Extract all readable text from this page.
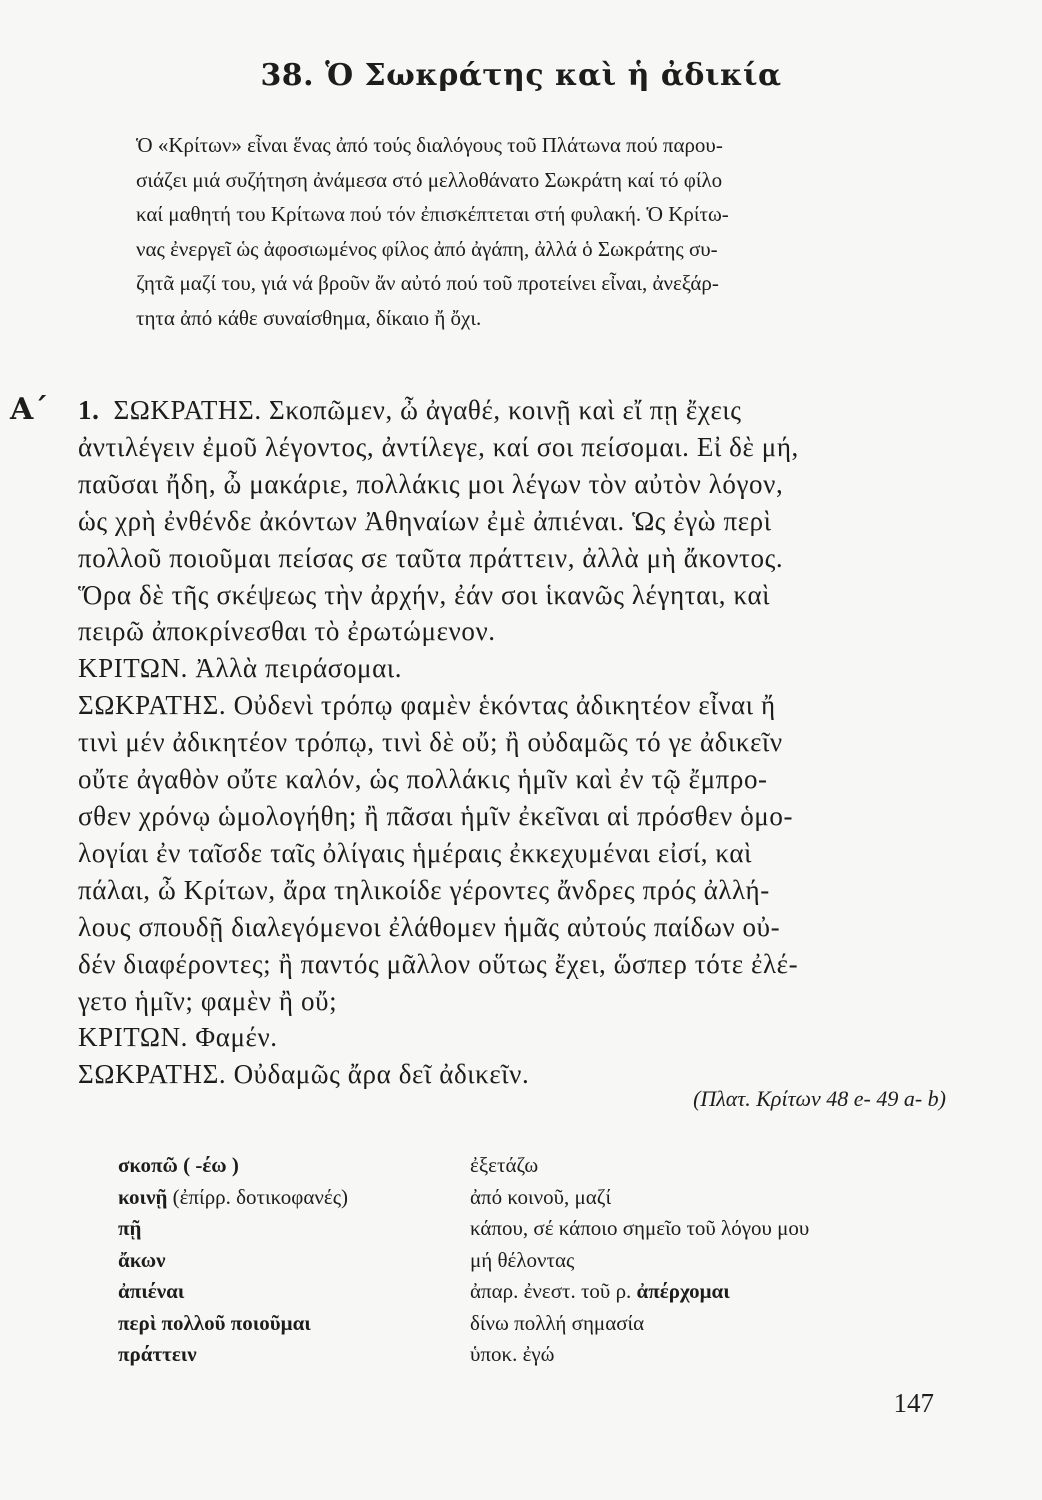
38. Ὁ Σωκράτης καὶ ἡ ἀδικία
Ὁ «Κρίτων» εἶναι ἕνας ἀπό τούς διαλόγους τοῦ Πλάτωνα πού παρου-
σιάζει μιά συζήτηση ἀνάμεσα στό μελλοθάνατο Σωκράτη καί τό φίλο
καί μαθητή του Κρίτωνα πού τόν ἐπισκέπτεται στή φυλακή. Ὁ Κρίτω-
νας ἐνεργεῖ ὡς ἀφοσιωμένος φίλος ἀπό ἀγάπη, ἀλλά ὁ Σωκράτης συ-
ζητᾶ μαζί του, γιά νά βροῦν ἄν αὐτό πού τοῦ προτείνει εἶναι, ἀνεξάρ-
τητα ἀπό κάθε συναίσθημα, δίκαιο ἤ ὄχι.
Α΄ 1. ΣΩΚΡΑΤΗΣ. Σκοπῶμεν, ὦ ἀγαθέ, κοινῇ καὶ εἴ πῃ ἔχεις
ἀντιλέγειν ἐμοῦ λέγοντος, ἀντίλεγε, καί σοι πείσομαι. Εἰ δὲ μή,
παῦσαι ἤδη, ὦ μακάριε, πολλάκις μοι λέγων τὸν αὐτὸν λόγον,
ὡς χρὴ ἐνθένδε ἀκόντων Ἀθηναίων ἐμὲ ἀπιέναι. Ὡς ἐγὼ περὶ
πολλοῦ ποιοῦμαι πείσας σε ταῦτα πράττειν, ἀλλὰ μὴ ἄκοντος.
Ὅρα δὲ τῆς σκέψεως τὴν ἀρχήν, ἐάν σοι ἱκανῶς λέγηται, καὶ
πειρῶ ἀποκρίνεσθαι τὸ ἐρωτώμενον.
ΚΡΙΤΩΝ. Ἀλλὰ πειράσομαι.
ΣΩΚΡΑΤΗΣ. Οὐδενὶ τρόπῳ φαμὲν ἑκόντας ἀδικητέον εἶναι ἤ
τινὶ μέν ἀδικητέον τρόπῳ, τινὶ δὲ οὔ; ἢ οὐδαμῶς τό γε ἀδικεῖν
οὔτε ἀγαθὸν οὔτε καλόν, ὡς πολλάκις ἡμῖν καὶ ἐν τῷ ἔμπρο-
σθεν χρόνῳ ὡμολογήθη; ἢ πᾶσαι ἡμῖν ἐκεῖναι αἱ πρόσθεν ὁμο-
λογίαι ἐν ταῖσδε ταῖς ὀλίγαις ἡμέραις ἐκκεχυμέναι εἰσί, καὶ
πάλαι, ὦ Κρίτων, ἄρα τηλικοίδε γέροντες ἄνδρες πρός ἀλλή-
λους σπουδῇ διαλεγόμενοι ἐλάθομεν ἡμᾶς αὐτούς παίδων οὐ-
δέν διαφέροντες; ἢ παντός μᾶλλον οὕτως ἔχει, ὥσπερ τότε ἐλέ-
γετο ἡμῖν; φαμὲν ἢ οὔ;
ΚΡΙΤΩΝ. Φαμέν.
ΣΩΚΡΑΤΗΣ. Οὐδαμῶς ἄρα δεῖ ἀδικεῖν.
(Πλατ. Κρίτων 48 e- 49 a- b)
σκοπῶ ( -έω )	ἐξετάζω
κοινῇ (ἐπίρρ. δοτικοφανές)	ἀπό κοινοῦ, μαζί
πῇ	κάπου, σέ κάποιο σημεῖο τοῦ λόγου μου
ἄκων	μή θέλοντας
ἀπιέναι	ἀπαρ. ἐνεστ. τοῦ ρ. ἀπέρχομαι
περὶ πολλοῦ ποιοῦμαι	δίνω πολλή σημασία
πράττειν	ὑποκ. ἐγώ
147
